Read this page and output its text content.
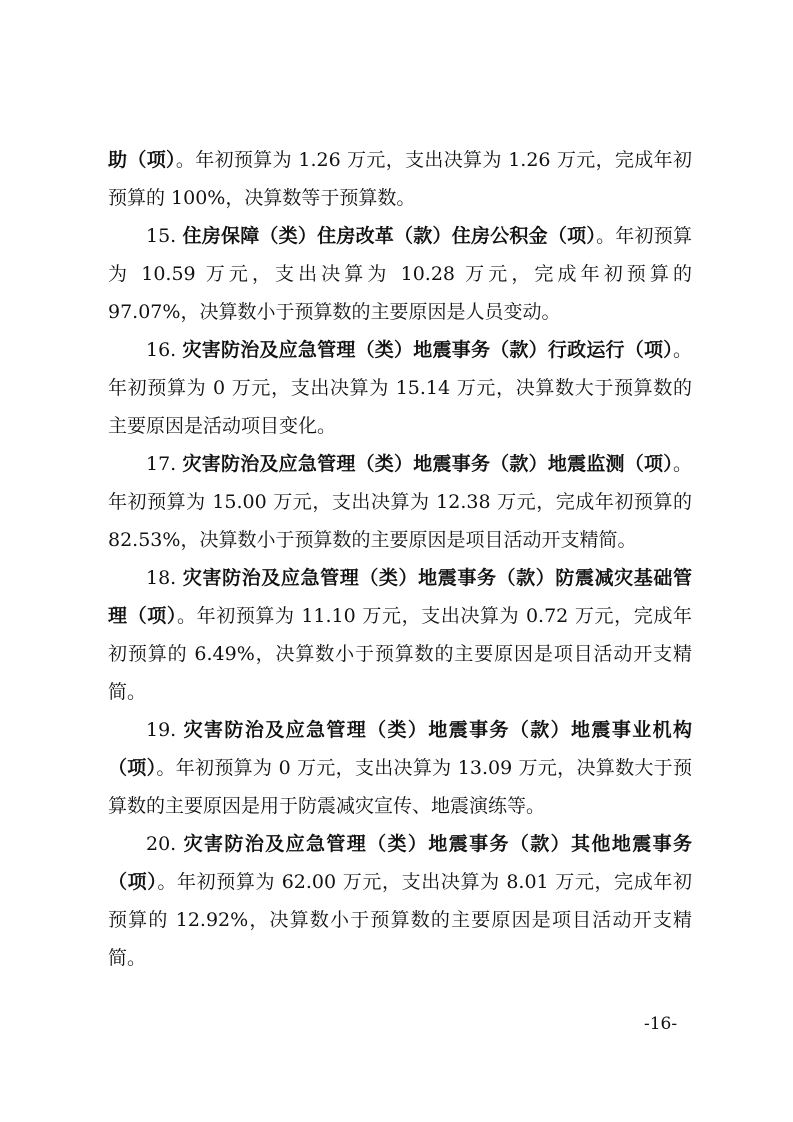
助（项）。年初预算为 1.26 万元，支出决算为 1.26 万元，完成年初预算的 100%，决算数等于预算数。

15. 住房保障（类）住房改革（款）住房公积金（项）。年初预算为 10.59 万元，支出决算为 10.28 万元，完成年初预算的 97.07%，决算数小于预算数的主要原因是人员变动。

16. 灾害防治及应急管理（类）地震事务（款）行政运行（项）。年初预算为 0 万元，支出决算为 15.14 万元，决算数大于预算数的主要原因是活动项目变化。

17. 灾害防治及应急管理（类）地震事务（款）地震监测（项）。年初预算为 15.00 万元，支出决算为 12.38 万元，完成年初预算的 82.53%，决算数小于预算数的主要原因是项目活动开支精简。

18. 灾害防治及应急管理（类）地震事务（款）防震减灾基础管理（项）。年初预算为 11.10 万元，支出决算为 0.72 万元，完成年初预算的 6.49%，决算数小于预算数的主要原因是项目活动开支精简。

19. 灾害防治及应急管理（类）地震事务（款）地震事业机构（项）。年初预算为 0 万元，支出决算为 13.09 万元，决算数大于预算数的主要原因是用于防震减灾宣传、地震演练等。

20. 灾害防治及应急管理（类）地震事务（款）其他地震事务（项）。年初预算为 62.00 万元，支出决算为 8.01 万元，完成年初预算的 12.92%，决算数小于预算数的主要原因是项目活动开支精简。

-16-
